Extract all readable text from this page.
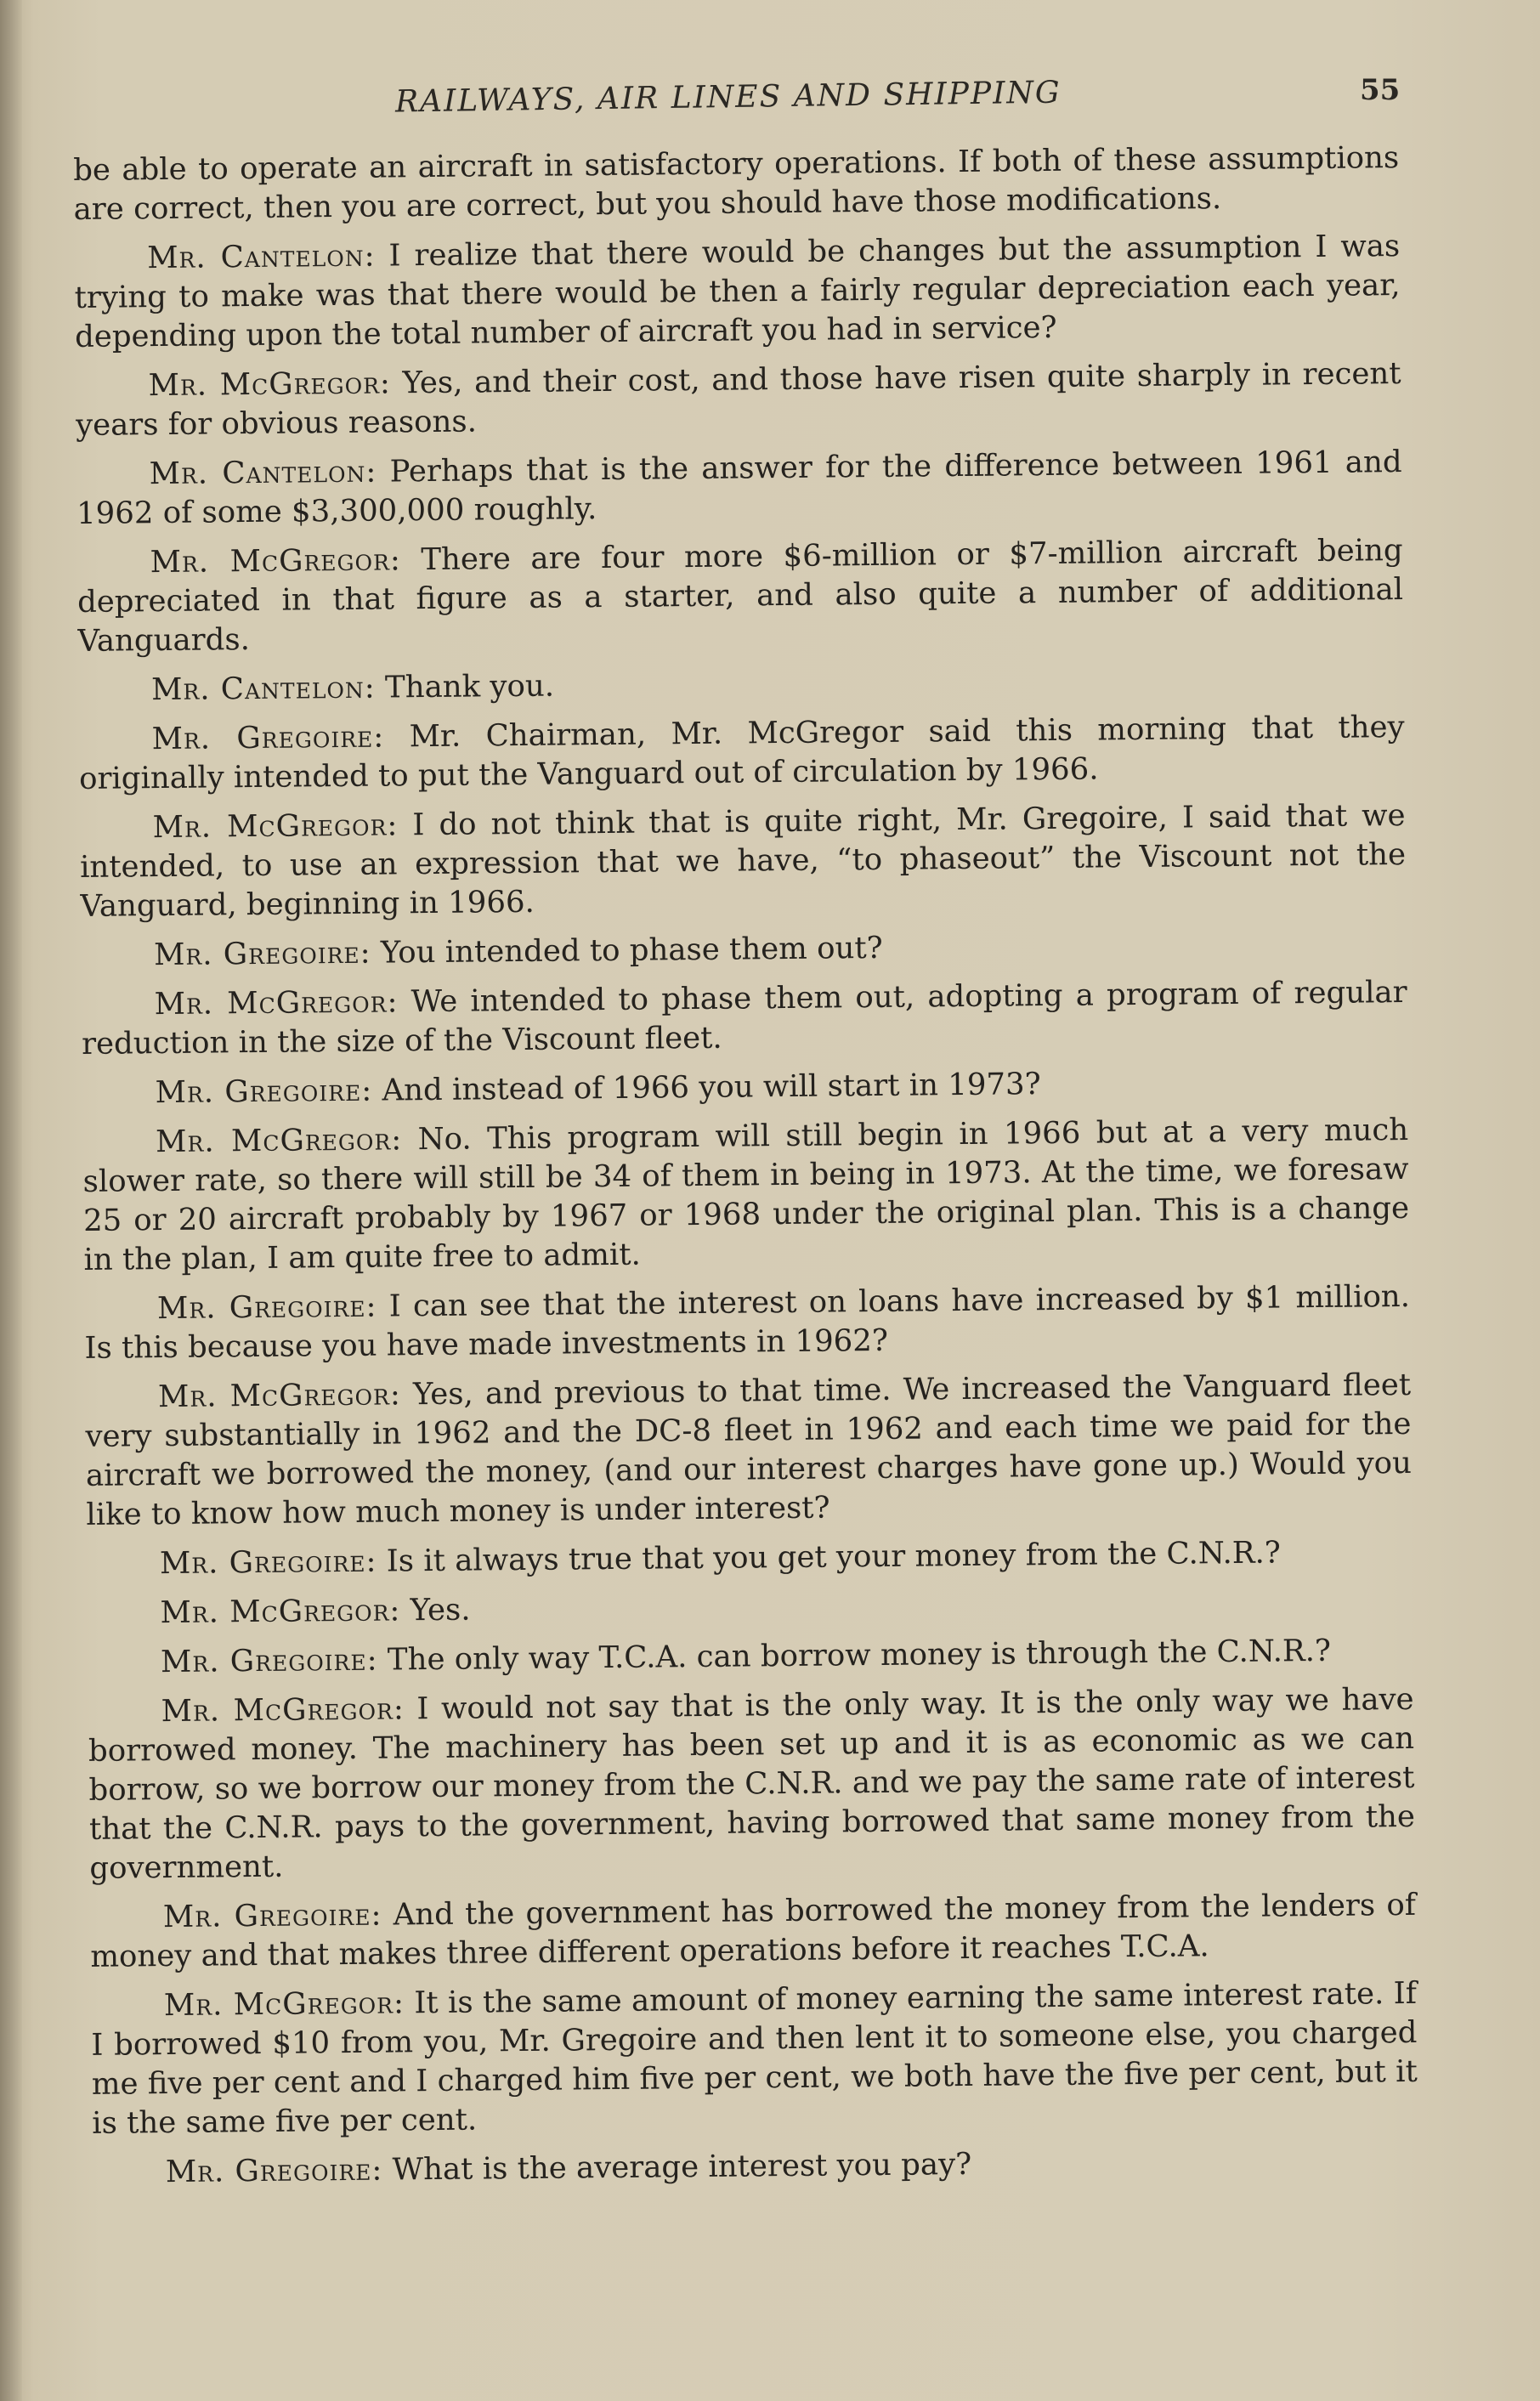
RAILWAYS, AIR LINES AND SHIPPING	55

be able to operate an aircraft in satisfactory operations. If both of these assumptions are correct, then you are correct, but you should have those modifications.

Mr. Cantelon: I realize that there would be changes but the assumption I was trying to make was that there would be then a fairly regular depreciation each year, depending upon the total number of aircraft you had in service?

Mr. McGregor: Yes, and their cost, and those have risen quite sharply in recent years for obvious reasons.

Mr. Cantelon: Perhaps that is the answer for the difference between 1961 and 1962 of some $3,300,000 roughly.

Mr. McGregor: There are four more $6-million or $7-million aircraft being depreciated in that figure as a starter, and also quite a number of additional Vanguards.

Mr. Cantelon: Thank you.

Mr. Gregoire: Mr. Chairman, Mr. McGregor said this morning that they originally intended to put the Vanguard out of circulation by 1966.

Mr. McGregor: I do not think that is quite right, Mr. Gregoire, I said that we intended, to use an expression that we have, “to phaseout” the Viscount not the Vanguard, beginning in 1966.

Mr. Gregoire: You intended to phase them out?

Mr. McGregor: We intended to phase them out, adopting a program of regular reduction in the size of the Viscount fleet.

Mr. Gregoire: And instead of 1966 you will start in 1973?

Mr. McGregor: No. This program will still begin in 1966 but at a very much slower rate, so there will still be 34 of them in being in 1973. At the time, we foresaw 25 or 20 aircraft probably by 1967 or 1968 under the original plan. This is a change in the plan, I am quite free to admit.

Mr. Gregoire: I can see that the interest on loans have increased by $1 million. Is this because you have made investments in 1962?

Mr. McGregor: Yes, and previous to that time. We increased the Vanguard fleet very substantially in 1962 and the DC-8 fleet in 1962 and each time we paid for the aircraft we borrowed the money, (and our interest charges have gone up.) Would you like to know how much money is under interest?

Mr. Gregoire: Is it always true that you get your money from the C.N.R.?

Mr. McGregor: Yes.

Mr. Gregoire: The only way T.C.A. can borrow money is through the C.N.R.?

Mr. McGregor: I would not say that is the only way. It is the only way we have borrowed money. The machinery has been set up and it is as economic as we can borrow, so we borrow our money from the C.N.R. and we pay the same rate of interest that the C.N.R. pays to the government, having borrowed that same money from the government.

Mr. Gregoire: And the government has borrowed the money from the lenders of money and that makes three different operations before it reaches T.C.A.

Mr. McGregor: It is the same amount of money earning the same interest rate. If I borrowed $10 from you, Mr. Gregoire and then lent it to someone else, you charged me five per cent and I charged him five per cent, we both have the five per cent, but it is the same five per cent.

Mr. Gregoire: What is the average interest you pay?
